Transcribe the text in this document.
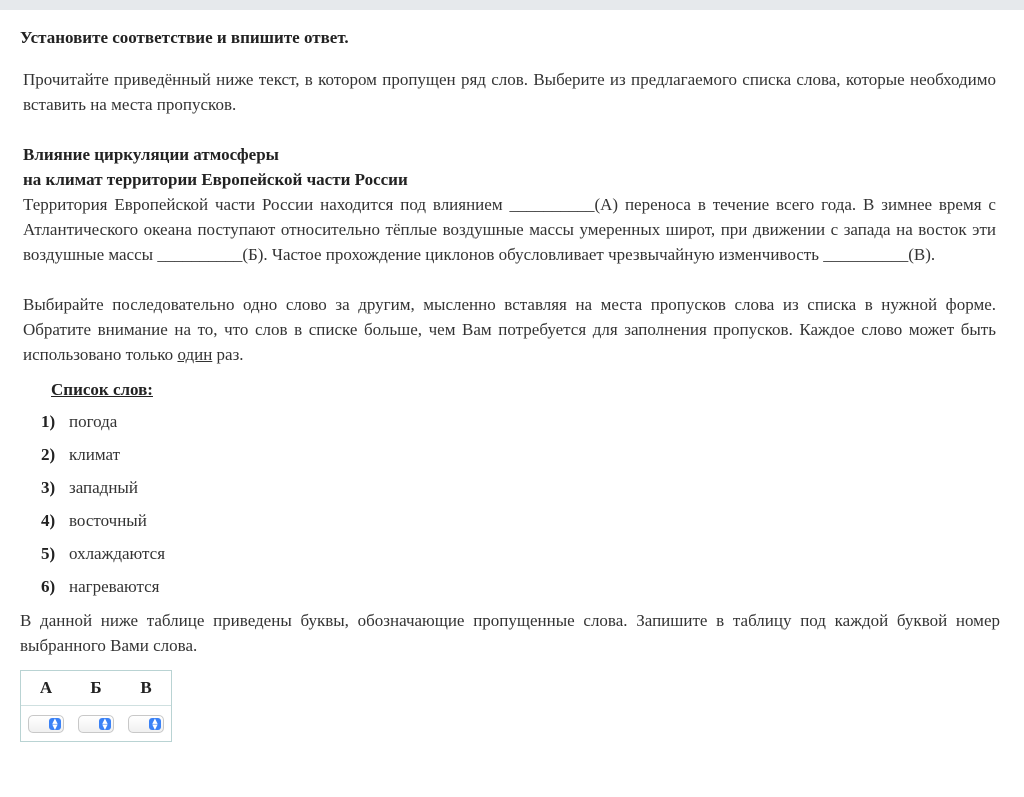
Установите соответствие и впишите ответ.

Прочитайте приведённый ниже текст, в котором пропущен ряд слов. Выберите из предлагаемого списка слова, которые необходимо вставить на места пропусков.

Влияние циркуляции атмосферы

на климат территории Европейской части России

Территория Европейской части России находится под влиянием __________(А) переноса в течение всего года. В зимнее время с Атлантического океана поступают относительно тёплые воздушные массы умеренных широт, при движении с запада на восток эти воздушные массы __________(Б). Частое прохождение циклонов обусловливает чрезвычайную изменчивость __________(В).

Выбирайте последовательно одно слово за другим, мысленно вставляя на места пропусков слова из списка в нужной форме. Обратите внимание на то, что слов в списке больше, чем Вам потребуется для заполнения пропусков. Каждое слово может быть использовано только один раз.

Список слов:
1) погода
2) климат
3) западный
4) восточный
5) охлаждаются
6) нагреваются

В данной ниже таблице приведены буквы, обозначающие пропущенные слова. Запишите в таблицу под каждой буквой номер выбранного Вами слова.

А	Б	В
▲
▼
▲
▼
▲
▼
